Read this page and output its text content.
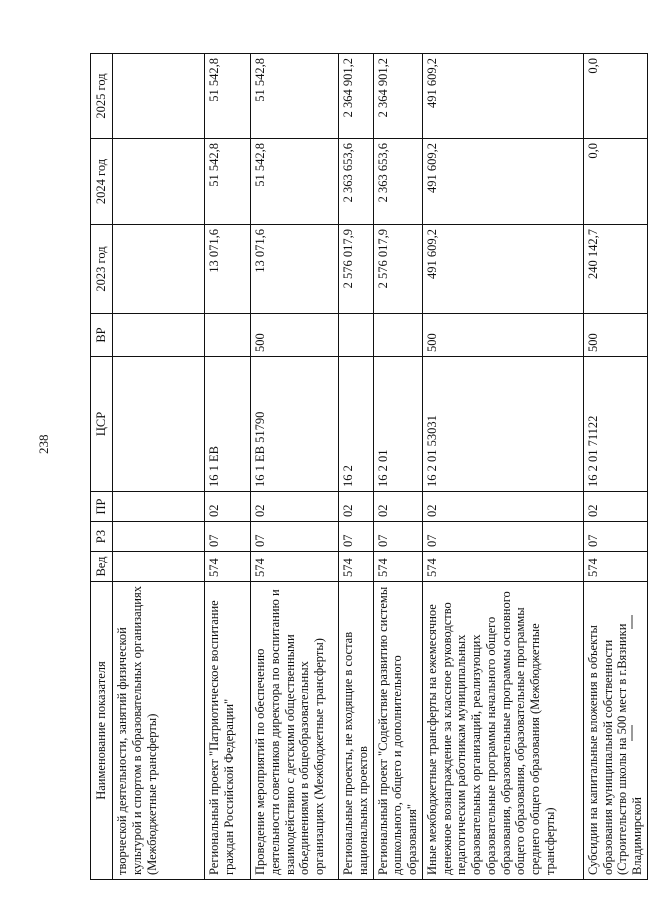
238
Наименование показателя	Вед	РЗ	ПР	ЦСР	ВР	2023 год	2024 год	2025 год
творческой деятельности, занятий физической культурой и спортом в образовательных организациях (Межбюджетные трансферты)								
Региональный проект "Патриотическое воспитание граждан Российской Федерации"	574	07	02	16 1 ЕВ		13 071,6	51 542,8	51 542,8
Проведение мероприятий по обеспечению деятельности советников директора по воспитанию и взаимодействию с детскими общественными объединениями в общеобразовательных организациях (Межбюджетные трансферты)	574	07	02	16 1 ЕВ 51790	500	13 071,6	51 542,8	51 542,8
Региональные проекты, не входящие в состав национальных проектов	574	07	02	16 2		2 576 017,9	2 363 653,6	2 364 901,2
Региональный проект "Содействие развитию системы дошкольного, общего и дополнительного образования"	574	07	02	16 2 01		2 576 017,9	2 363 653,6	2 364 901,2
Иные межбюджетные трансферты на ежемесячное денежное вознаграждение за классное руководство педагогическим работникам муниципальных образовательных организаций, реализующих образовательные программы начального общего образования, образовательные программы основного общего образования, образовательные программы среднего общего образования (Межбюджетные трансферты)	574	07	02	16 2 01 53031	500	491 609,2	491 609,2	491 609,2
Субсидии на капитальные вложения в объекты образования муниципальной собственности (Строительство школы на 500 мест в г.Вязники Владимирской	574	07	02	16 2 01 71122	500	240 142,7	0,0	0,0
